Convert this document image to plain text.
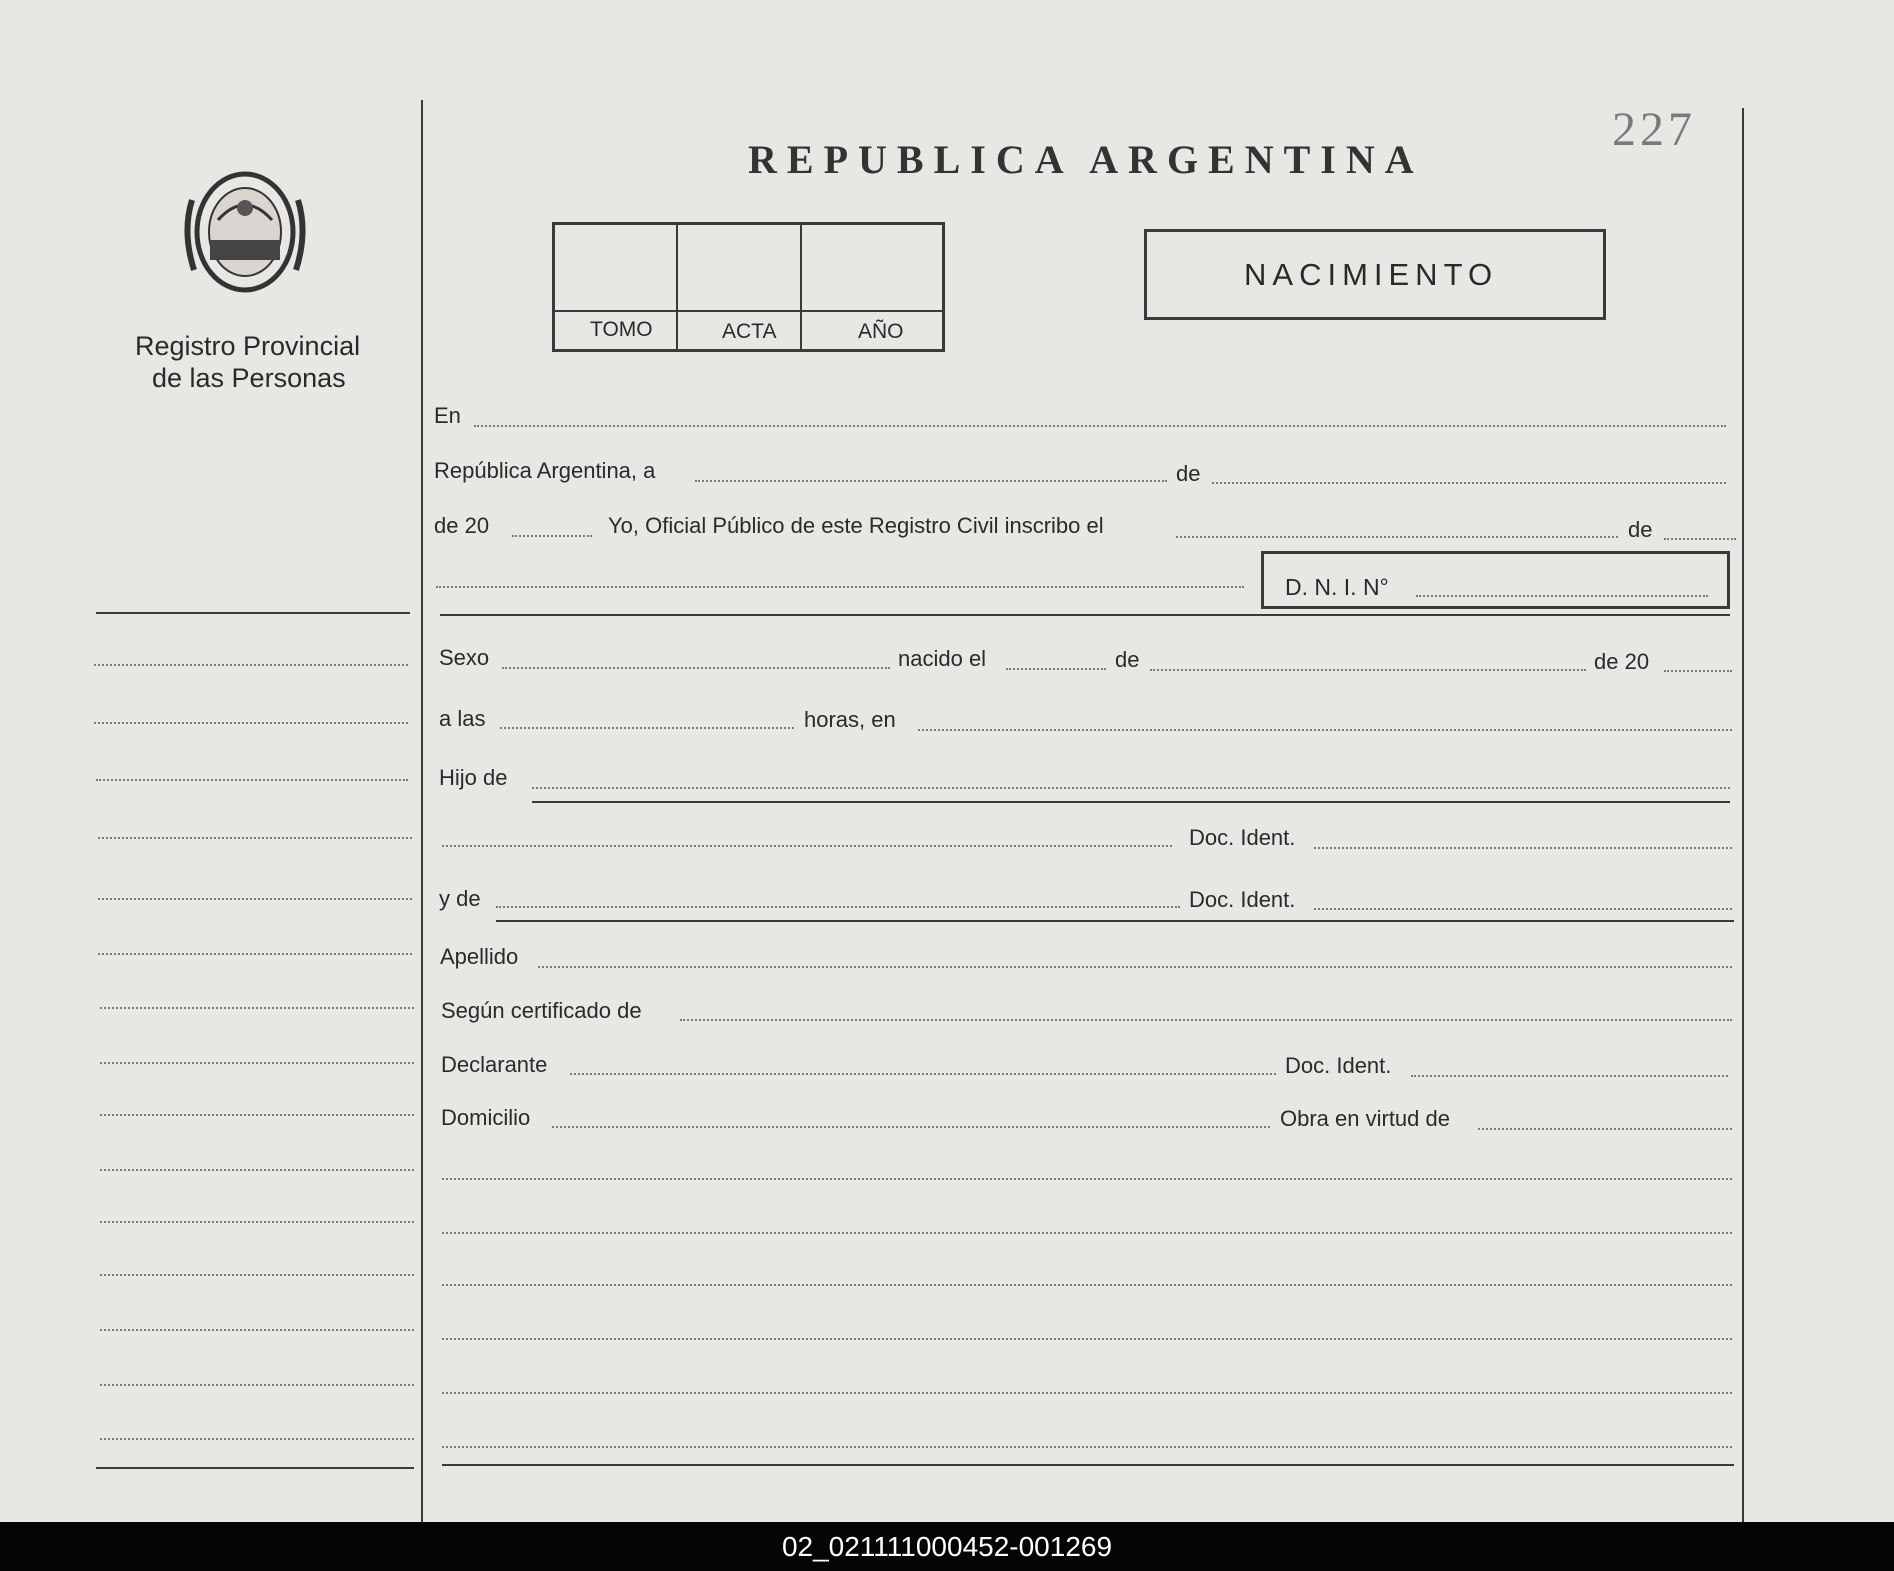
Registro Provincial
de las Personas
REPUBLICA ARGENTINA
227
TOMO	ACTA	AÑO
NACIMIENTO
En
República Argentina, a	de
de 20	Yo, Oficial Público de este Registro Civil inscribo el	de
D. N. I. N°
Sexo	nacido el	de	de 20
a las	horas, en
Hijo de
Doc. Ident.
y de	Doc. Ident.
Apellido
Según certificado de
Declarante	Doc. Ident.
Domicilio	Obra en virtud de
02_021111000452-001269
